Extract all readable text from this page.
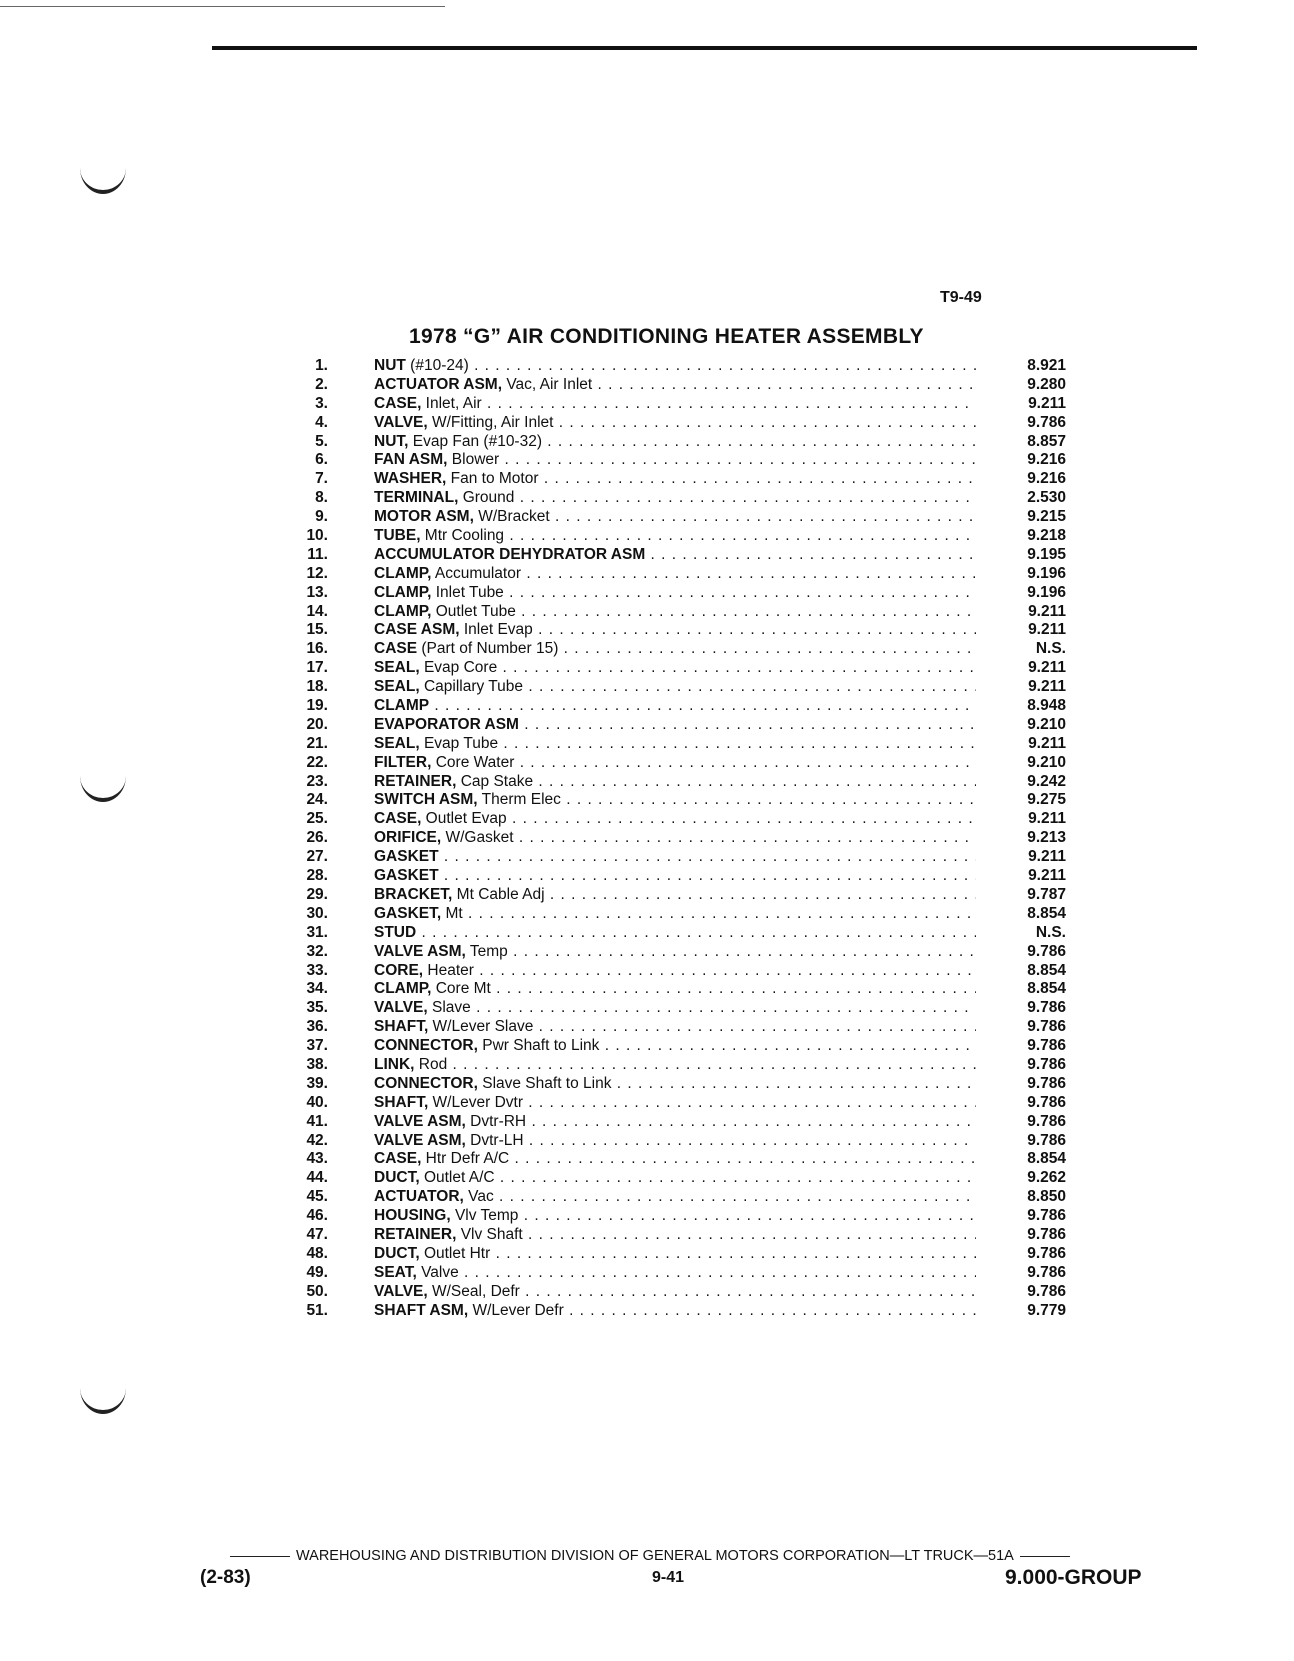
T9-49
1978 “G” AIR CONDITIONING HEATER ASSEMBLY
1.	NUT (#10-24) . . .	8.921
2.	ACTUATOR ASM, Vac, Air Inlet . . .	9.280
3.	CASE, Inlet, Air . . .	9.211
4.	VALVE, W/Fitting, Air Inlet . . .	9.786
5.	NUT, Evap Fan (#10-32) . . .	8.857
6.	FAN ASM, Blower . . .	9.216
7.	WASHER, Fan to Motor . . .	9.216
8.	TERMINAL, Ground . . .	2.530
9.	MOTOR ASM, W/Bracket . . .	9.215
10.	TUBE, Mtr Cooling . . .	9.218
11.	ACCUMULATOR DEHYDRATOR ASM . . .	9.195
12.	CLAMP, Accumulator . . .	9.196
13.	CLAMP, Inlet Tube . . .	9.196
14.	CLAMP, Outlet Tube . . .	9.211
15.	CASE ASM, Inlet Evap . . .	9.211
16.	CASE (Part of Number 15) . . .	N.S.
17.	SEAL, Evap Core . . .	9.211
18.	SEAL, Capillary Tube . . .	9.211
19.	CLAMP . . .	8.948
20.	EVAPORATOR ASM . . .	9.210
21.	SEAL, Evap Tube . . .	9.211
22.	FILTER, Core Water . . .	9.210
23.	RETAINER, Cap Stake . . .	9.242
24.	SWITCH ASM, Therm Elec . . .	9.275
25.	CASE, Outlet Evap . . .	9.211
26.	ORIFICE, W/Gasket . . .	9.213
27.	GASKET . . .	9.211
28.	GASKET . . .	9.211
29.	BRACKET, Mt Cable Adj . . .	9.787
30.	GASKET, Mt . . .	8.854
31.	STUD . . .	N.S.
32.	VALVE ASM, Temp . . .	9.786
33.	CORE, Heater . . .	8.854
34.	CLAMP, Core Mt . . .	8.854
35.	VALVE, Slave . . .	9.786
36.	SHAFT, W/Lever Slave . . .	9.786
37.	CONNECTOR, Pwr Shaft to Link . . .	9.786
38.	LINK, Rod . . .	9.786
39.	CONNECTOR, Slave Shaft to Link . . .	9.786
40.	SHAFT, W/Lever Dvtr . . .	9.786
41.	VALVE ASM, Dvtr-RH . . .	9.786
42.	VALVE ASM, Dvtr-LH . . .	9.786
43.	CASE, Htr Defr A/C . . .	8.854
44.	DUCT, Outlet A/C . . .	9.262
45.	ACTUATOR, Vac . . .	8.850
46.	HOUSING, Vlv Temp . . .	9.786
47.	RETAINER, Vlv Shaft . . .	9.786
48.	DUCT, Outlet Htr . . .	9.786
49.	SEAT, Valve . . .	9.786
50.	VALVE, W/Seal, Defr . . .	9.786
51.	SHAFT ASM, W/Lever Defr . . .	9.779
WAREHOUSING AND DISTRIBUTION DIVISION OF GENERAL MOTORS CORPORATION—LT TRUCK—51A
(2-83)	9-41	9.000-GROUP
